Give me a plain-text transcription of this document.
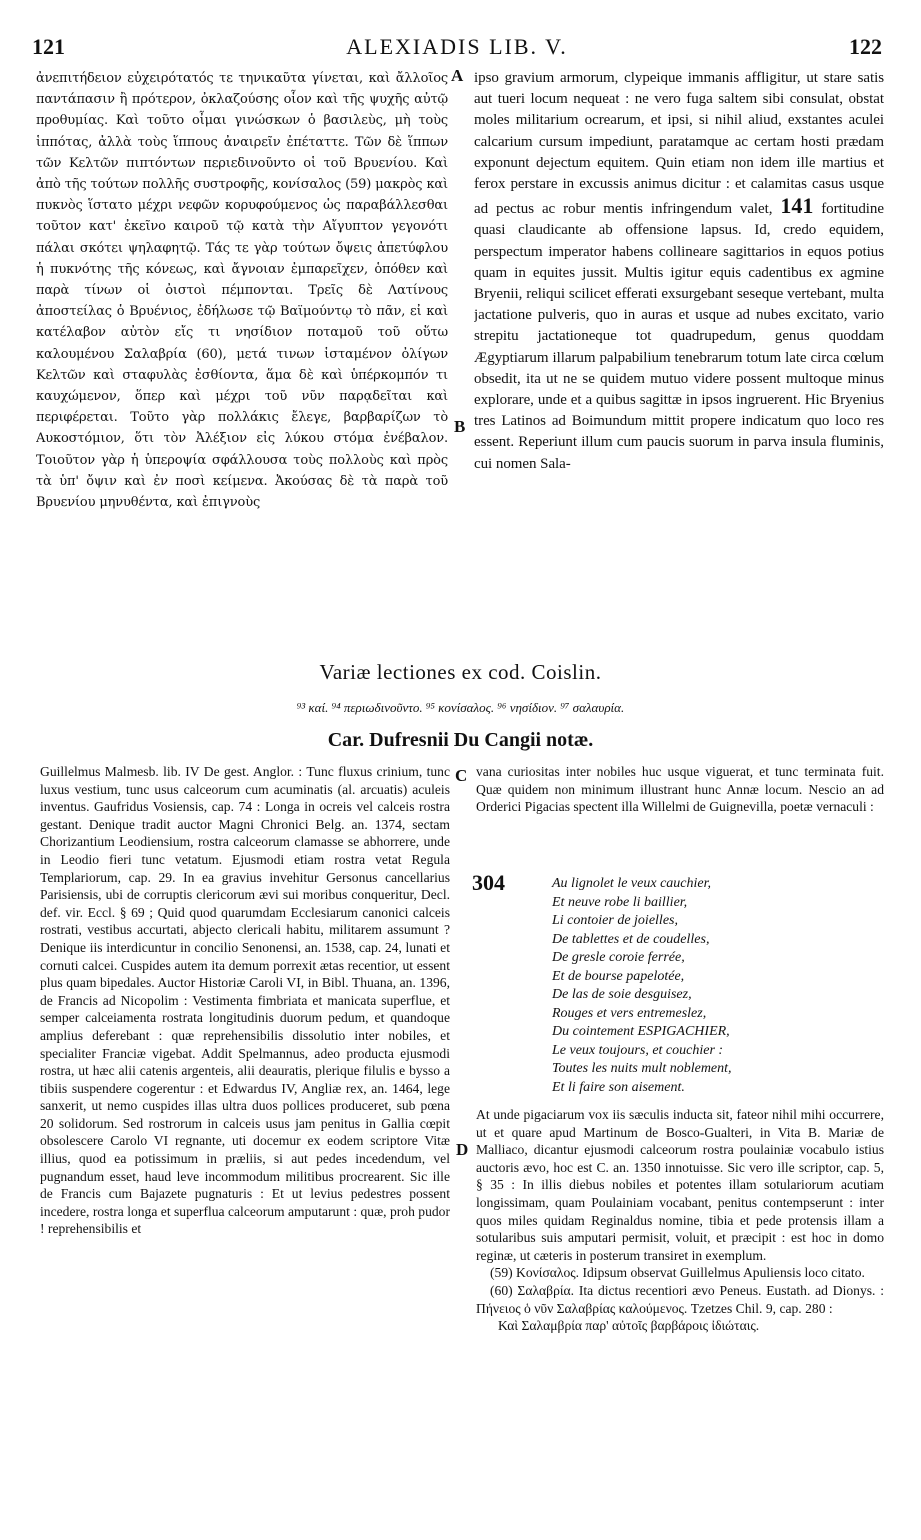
121	ALEXIADIS LIB. V.	122
A
B
C
D

ἀνεπιτήδειον εὐχειρότατός τε τηνικαῦτα γίνεται, καὶ ἄλλοῖος παντάπασιν ἢ πρότερον, ὀκλαζούσης οἷον καὶ τῆς ψυχῆς αὐτῷ προθυμίας. Καὶ τοῦτο οἶμαι γινώσκων ὁ βασιλεὺς, μὴ τοὺς ἱππότας, ἀλλὰ τοὺς ἵππους ἀναιρεῖν ἐπέταττε. Τῶν δὲ ἵππων τῶν Κελτῶν πιπτόντων περιεδινοῦντο οἱ τοῦ Βρυενίου. Καὶ ἀπὸ τῆς τούτων πολλῆς συστροφῆς, κονίσαλος (59) μακρὸς καὶ πυκνὸς ἵστατο μέχρι νεφῶν κορυφούμενος ὡς παραβάλλεσθαι τοῦτον κατ' ἐκεῖνο καιροῦ τῷ κατὰ τὴν Αἴγυπτον γεγονότι πάλαι σκότει ψηλαφητῷ. Τάς τε γὰρ τούτων ὄψεις ἀπετύφλου ἡ πυκνότης τῆς κόνεως, καὶ ἄγνοιαν ἐμπαρεῖχεν, ὁπόθεν καὶ παρὰ τίνων οἱ ὀιστοὶ πέμπονται. Τρεῖς δὲ Λατίνους ἀποστείλας ὁ Βρυένιος, ἐδήλωσε τῷ Βαϊμούντῳ τὸ πᾶν, εἰ καὶ κατέλαβον αὐτὸν εἴς τι νησίδιον ποταμοῦ τοῦ οὕτω καλουμένου Σαλαβρία (60), μετά τινων ἱσταμένον ὀλίγων Κελτῶν καὶ σταφυλὰς ἐσθίοντα, ἅμα δὲ καὶ ὑπέρκομπόν τι καυχώμενον, ὅπερ καὶ μέχρι τοῦ νῦν παρᾳδεῖται καὶ περιφέρεται. Τοῦτο γὰρ πολλάκις ἔλεγε, βαρβαρίζων τὸ Αυκοστόμιον, ὅτι τὸν Ἀλέξιον εἰς λύκου στόμα ἐνέβαλον. Τοιοῦτον γὰρ ἡ ὑπεροψία σφάλλουσα τοὺς πολλοὺς καὶ πρὸς τὰ ὑπ' ὄψιν καὶ ἐν ποσὶ κείμενα. Ἀκούσας δὲ τὰ παρὰ τοῦ Βρυενίου μηνυθέντα, καὶ ἐπιγνοὺς

ipso gravium armorum, clypeique immanis affligitur, ut stare satis aut tueri locum nequeat : ne vero fuga saltem sibi consulat, obstat moles militarium ocrearum, et ipsi, si nihil aliud, exstantes aculei calcarium cursum impediunt, paratamque ac certam hosti prædam exponunt dejectum equitem. Quin etiam non idem ille martius et ferox perstare in excussis animus dicitur : et calamitas casus usque ad pectus ac robur mentis infringendum valet, 141 fortitudine quasi claudicante ab offensione lapsus. Id, credo equidem, perspectum imperator habens collineare sagittarios in equos potius quam in equites jussit. Multis igitur equis cadentibus ex agmine Bryenii, reliqui scilicet efferati exsurgebant seseque vertebant, multa jactatione pulveris, quo in auras et usque ad nubes excitato, vario strepitu jactationeque tot quadrupedum, genus quoddam Ægyptiarum illarum palpabilium tenebrarum totum late circa cœlum obsedit, ita ut ne se quidem mutuo videre possent multoque minus explorare, unde et a quibus sagittæ in ipsos ingruerent. Hic Bryenius tres Latinos ad Boimundum mittit propere indicatum quo loco res essent. Reperiunt illum cum paucis suorum in parva insula fluminis, cui nomen Sala-

Variæ lectiones ex cod. Coislin.
⁹³ καί. ⁹⁴ περιωδινοῦντο. ⁹⁵ κονίσαλος. ⁹⁶ νησίδιον. ⁹⁷ σαλαυρία.
Car. Dufresnii Du Cangii notæ.

Guillelmus Malmesb. lib. IV De gest. Anglor. : Tunc fluxus crinium, tunc luxus vestium, tunc usus calceorum cum acuminatis (al. arcuatis) aculeis inventus. Gaufridus Vosiensis, cap. 74 : Longa in ocreis vel calceis rostra gestant. Denique tradit auctor Magni Chronici Belg. an. 1374, sectam Chorizantium Leodiensium, rostra calceorum clamasse se abhorrere, unde in Leodio fieri tunc vetatum. Ejusmodi etiam rostra vetat Regula Templariorum, cap. 29. In ea gravius invehitur Gersonus cancellarius Parisiensis, ubi de corruptis clericorum ævi sui moribus conqueritur, Decl. def. vir. Eccl. § 69 ; Quid quod quarumdam Ecclesiarum canonici calceis rostrati, vestibus accurtati, abjecto clericali habitu, militarem assumunt ? Denique iis interdicuntur in concilio Senonensi, an. 1538, cap. 24, lunati et cornuti calcei. Cuspides autem ita demum porrexit ætas recentior, ut essent plus quam bipedales. Auctor Historiæ Caroli VI, in Bibl. Thuana, an. 1396, de Francis ad Nicopolim : Vestimenta fimbriata et manicata superflue, et semper calceiamenta rostrata longitudinis duorum pedum, et quandoque amplius deferebant : quæ reprehensibilis dissolutio inter nobiles, et specialiter Franciæ vigebat. Addit Spelmannus, adeo producta ejusmodi rostra, ut hæc alii catenis argenteis, alii deauratis, plerique filulis e bysso a tibiis suspendere cogerentur : et Edwardus IV, Angliæ rex, an. 1464, lege sanxerit, ut nemo cuspides illas ultra duos pollices produceret, sub pœna 20 solidorum. Sed rostrorum in calceis usus jam penitus in Gallia cœpit obsolescere Carolo VI regnante, uti docemur ex eodem scriptore Vitæ illius, quod ea potissimum in præliis, si aut pedes incedendum, vel pugnandum esset, haud leve incommodum militibus procrearent. Sic ille de Francis cum Bajazete pugnaturis : Et ut levius pedestres possent incedere, rostra longa et superflua calceorum amputarunt : quæ, proh pudor ! reprehensibilis et

vana curiositas inter nobiles huc usque viguerat, et tunc terminata fuit. Quæ quidem non minimum illustrant hunc Annæ locum. Nescio an ad Orderici Pigacias spectent illa Willelmi de Guignevilla, poetæ vernaculi :

304	Au lignolet le veux cauchier,
Et neuve robe li baillier,
Li contoier de joielles,
De tablettes et de coudelles,
De gresle coroie ferrée,
Et de bourse papelotée,
De las de soie desguisez,
Rouges et vers entremeslez,
Du cointement ESPIGACHIER,
Le veux toujours, et couchier :
Toutes les nuits mult noblement,
Et li faire son aisement.

At unde pigaciarum vox iis sæculis inducta sit, fateor nihil mihi occurrere, ut et quare apud Martinum de Bosco-Gualteri, in Vita B. Mariæ de Malliaco, dicantur ejusmodi calceorum rostra poulainiæ vocabulo istius auctoris ævo, hoc est C. an. 1350 innotuisse. Sic vero ille scriptor, cap. 5, § 35 : In illis diebus nobiles et potentes illam sotulariorum acutiam longissimam, quam Poulainiam vocabant, penitus contempserunt : inter quos miles quidam Reginaldus nomine, tibia et pede protensis illam a sotularibus suis amputari permisit, voluit, et præcipit : est hoc in domo reginæ, ut cæteris in posterum transiret in exemplum.

(59) Κονίσαλος. Idipsum observat Guillelmus Apuliensis loco citato.

(60) Σαλαβρία. Ita dictus recentiori ævo Peneus. Eustath. ad Dionys. : Πήνειος ὁ νῦν Σαλαβρίας καλούμενος. Tzetzes Chil. 9, cap. 280 :

Καὶ Σαλαμβρία παρ' αὐτοῖς βαρβάροις ἰδιώταις.
